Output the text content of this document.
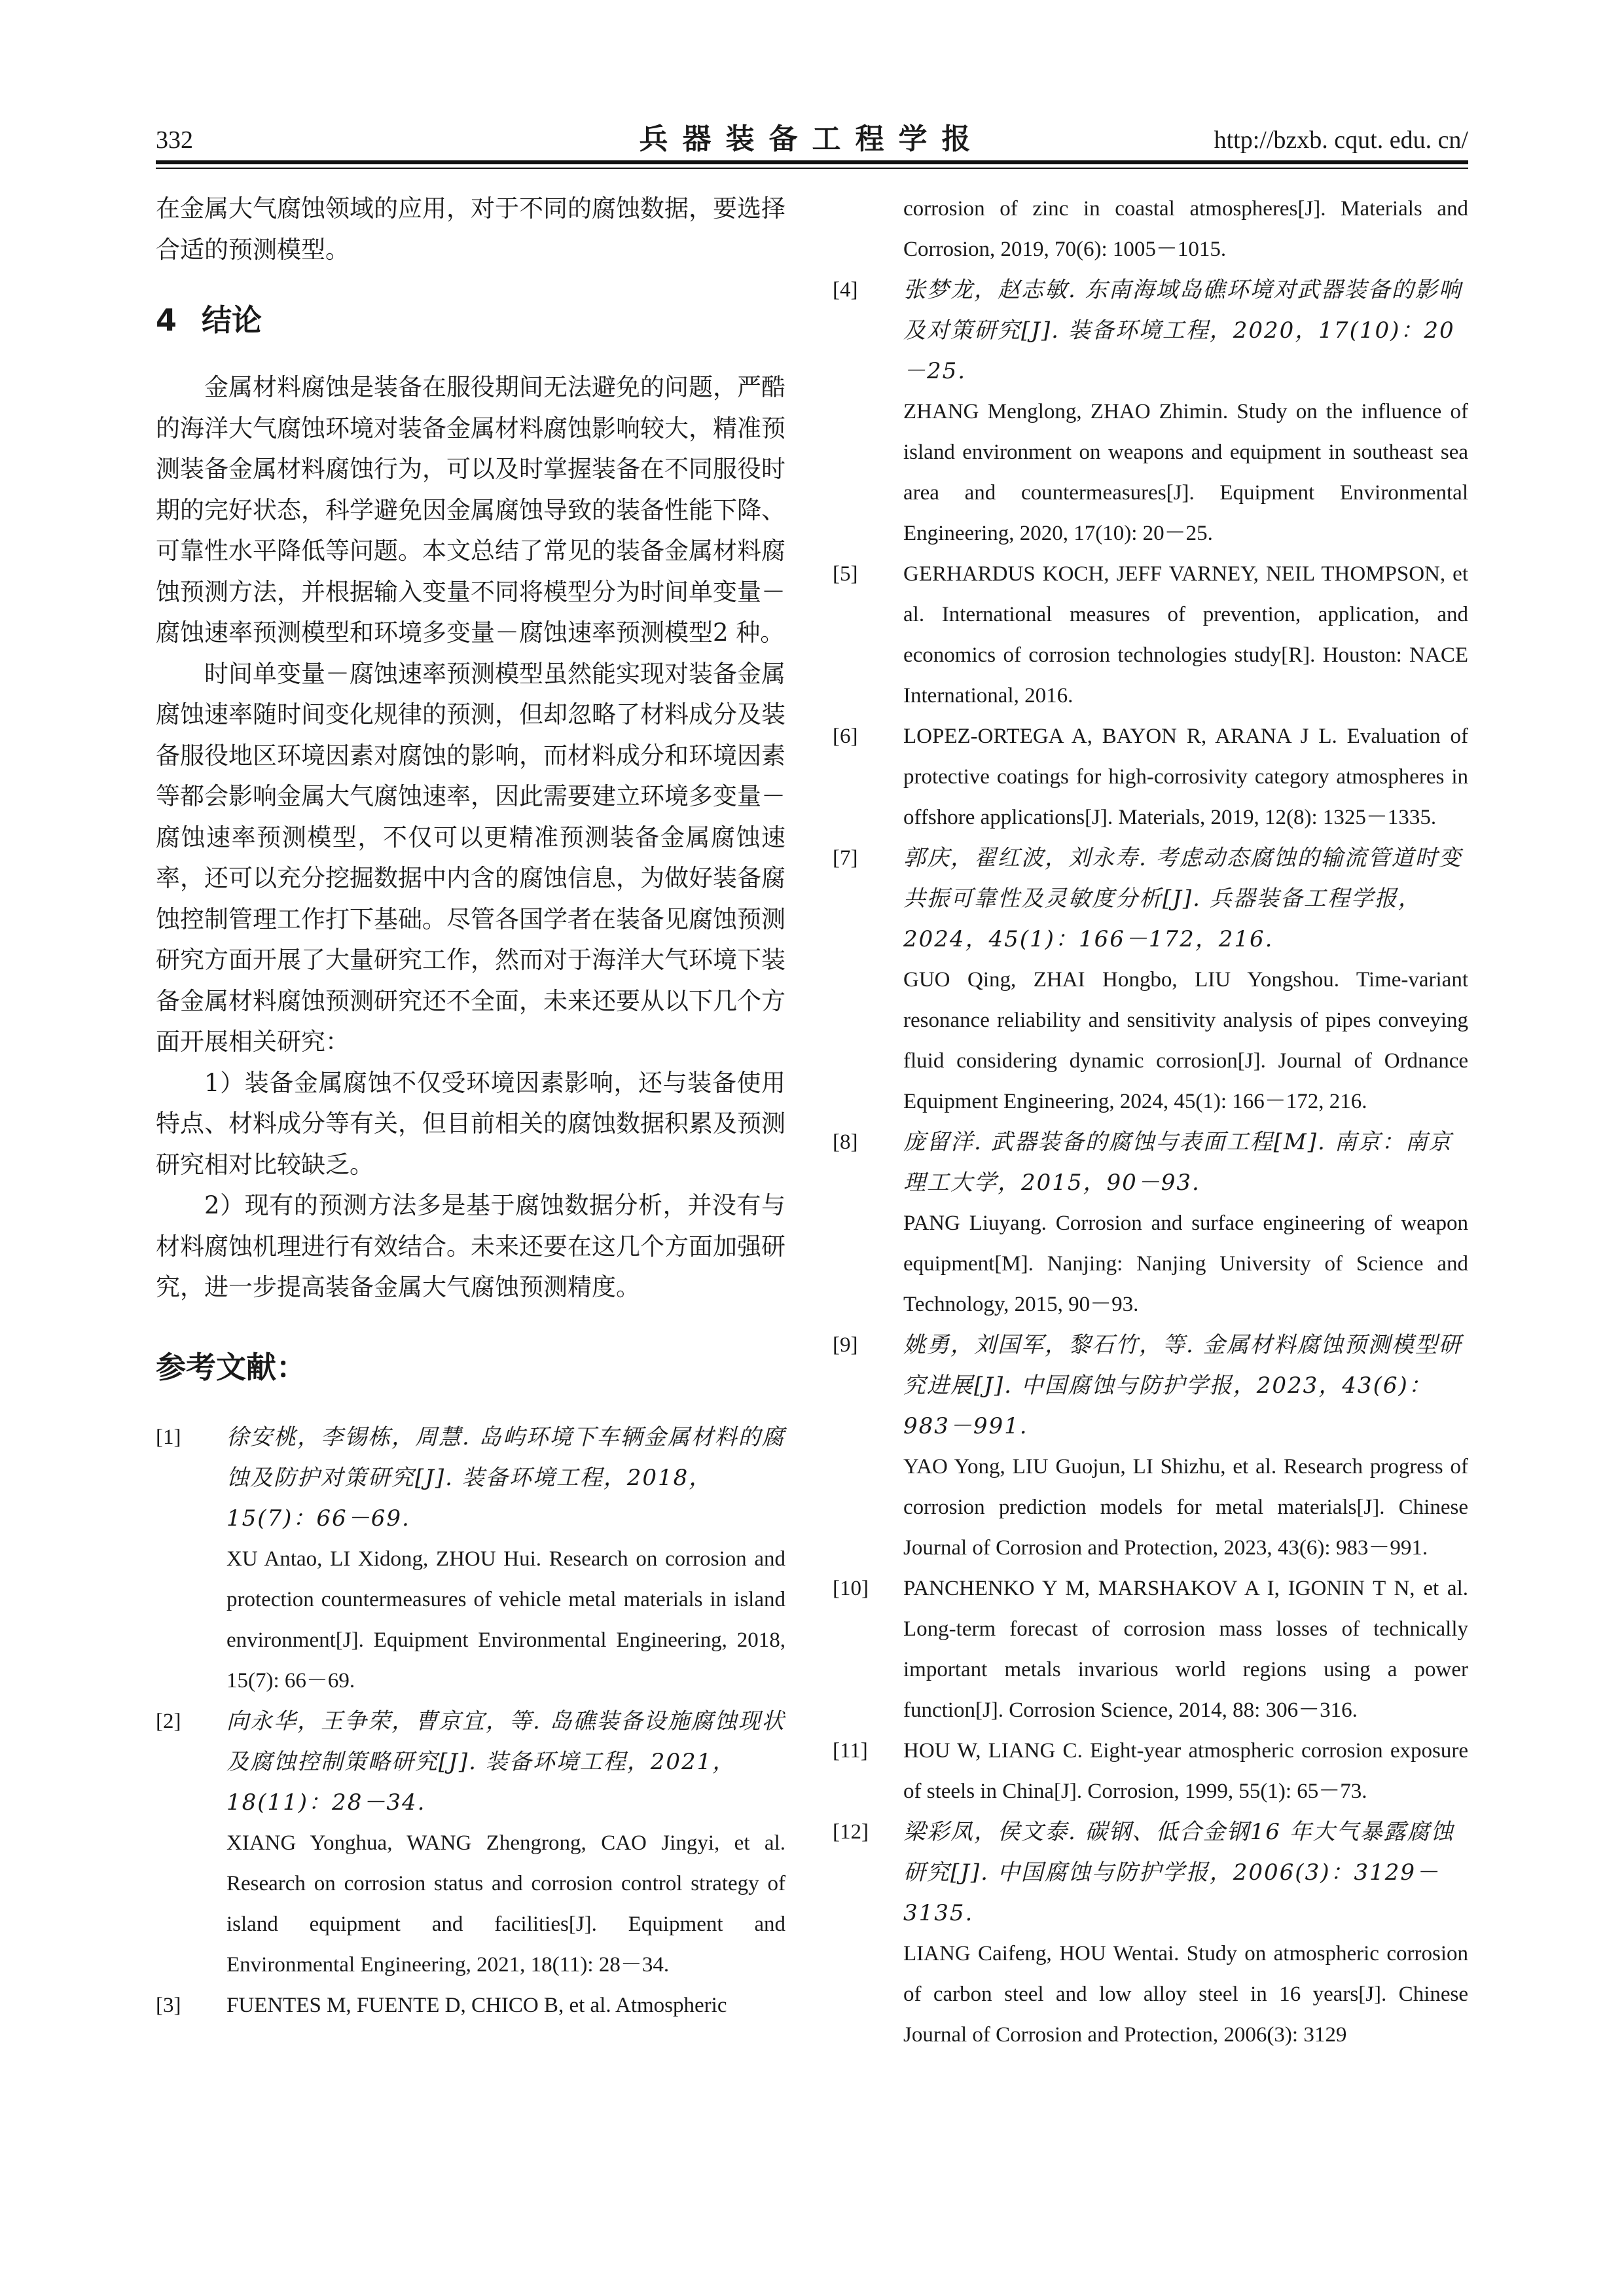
332	兵器装备工程学报	http://bzxb. cqut. edu. cn/

在金属大气腐蚀领域的应用，对于不同的腐蚀数据，要选择合适的预测模型。

4 结论

金属材料腐蚀是装备在服役期间无法避免的问题，严酷的海洋大气腐蚀环境对装备金属材料腐蚀影响较大，精准预测装备金属材料腐蚀行为，可以及时掌握装备在不同服役时期的完好状态，科学避免因金属腐蚀导致的装备性能下降、可靠性水平降低等问题。本文总结了常见的装备金属材料腐蚀预测方法，并根据输入变量不同将模型分为时间单变量－腐蚀速率预测模型和环境多变量－腐蚀速率预测模型2 种。

时间单变量－腐蚀速率预测模型虽然能实现对装备金属腐蚀速率随时间变化规律的预测，但却忽略了材料成分及装备服役地区环境因素对腐蚀的影响，而材料成分和环境因素等都会影响金属大气腐蚀速率，因此需要建立环境多变量－腐蚀速率预测模型，不仅可以更精准预测装备金属腐蚀速率，还可以充分挖掘数据中内含的腐蚀信息，为做好装备腐蚀控制管理工作打下基础。尽管各国学者在装备见腐蚀预测研究方面开展了大量研究工作，然而对于海洋大气环境下装备金属材料腐蚀预测研究还不全面，未来还要从以下几个方面开展相关研究：

1）装备金属腐蚀不仅受环境因素影响，还与装备使用特点、材料成分等有关，但目前相关的腐蚀数据积累及预测研究相对比较缺乏。

2）现有的预测方法多是基于腐蚀数据分析，并没有与材料腐蚀机理进行有效结合。未来还要在这几个方面加强研究，进一步提高装备金属大气腐蚀预测精度。

参考文献：
[1] 徐安桃，李锡栋，周慧. 岛屿环境下车辆金属材料的腐蚀及防护对策研究[J]. 装备环境工程，2018，15(7)：66－69.
XU Antao, LI Xidong, ZHOU Hui. Research on corrosion and protection countermeasures of vehicle metal materials in island environment[J]. Equipment Environmental Engineering, 2018, 15(7): 66－69.
[2] 向永华，王争荣，曹京宜，等. 岛礁装备设施腐蚀现状及腐蚀控制策略研究[J]. 装备环境工程，2021，18(11)：28－34.
XIANG Yonghua, WANG Zhengrong, CAO Jingyi, et al. Research on corrosion status and corrosion control strategy of island equipment and facilities[J]. Equipment and Environmental Engineering, 2021, 18(11): 28－34.
[3] FUENTES M, FUENTE D, CHICO B, et al. Atmospheric
corrosion of zinc in coastal atmospheres[J]. Materials and Corrosion, 2019, 70(6): 1005－1015.
[4] 张梦龙，赵志敏. 东南海域岛礁环境对武器装备的影响及对策研究[J]. 装备环境工程，2020，17(10)：20－25.
ZHANG Menglong, ZHAO Zhimin. Study on the influence of island environment on weapons and equipment in southeast sea area and countermeasures[J]. Equipment Environmental Engineering, 2020, 17(10): 20－25.
[5] GERHARDUS KOCH, JEFF VARNEY, NEIL THOMPSON, et al. International measures of prevention, application, and economics of corrosion technologies study[R]. Houston: NACE International, 2016.
[6] LOPEZ-ORTEGA A, BAYON R, ARANA J L. Evaluation of protective coatings for high-corrosivity category atmospheres in offshore applications[J]. Materials, 2019, 12(8): 1325－1335.
[7] 郭庆，翟红波，刘永寿. 考虑动态腐蚀的输流管道时变共振可靠性及灵敏度分析[J]. 兵器装备工程学报，2024，45(1)：166－172，216.
GUO Qing, ZHAI Hongbo, LIU Yongshou. Time-variant resonance reliability and sensitivity analysis of pipes conveying fluid considering dynamic corrosion[J]. Journal of Ordnance Equipment Engineering, 2024, 45(1): 166－172, 216.
[8] 庞留洋. 武器装备的腐蚀与表面工程[M]. 南京：南京理工大学，2015，90－93.
PANG Liuyang. Corrosion and surface engineering of weapon equipment[M]. Nanjing: Nanjing University of Science and Technology, 2015, 90－93.
[9] 姚勇，刘国军，黎石竹，等. 金属材料腐蚀预测模型研究进展[J]. 中国腐蚀与防护学报，2023，43(6)：983－991.
YAO Yong, LIU Guojun, LI Shizhu, et al. Research progress of corrosion prediction models for metal materials[J]. Chinese Journal of Corrosion and Protection, 2023, 43(6): 983－991.
[10] PANCHENKO Y M, MARSHAKOV A I, IGONIN T N, et al. Long-term forecast of corrosion mass losses of technically important metals invarious world regions using a power function[J]. Corrosion Science, 2014, 88: 306－316.
[11] HOU W, LIANG C. Eight-year atmospheric corrosion exposure of steels in China[J]. Corrosion, 1999, 55(1): 65－73.
[12] 梁彩凤，侯文泰. 碳钢、低合金钢16 年大气暴露腐蚀研究[J]. 中国腐蚀与防护学报，2006(3)：3129－3135.
LIANG Caifeng, HOU Wentai. Study on atmospheric corrosion of carbon steel and low alloy steel in 16 years[J]. Chinese Journal of Corrosion and Protection, 2006(3): 3129
